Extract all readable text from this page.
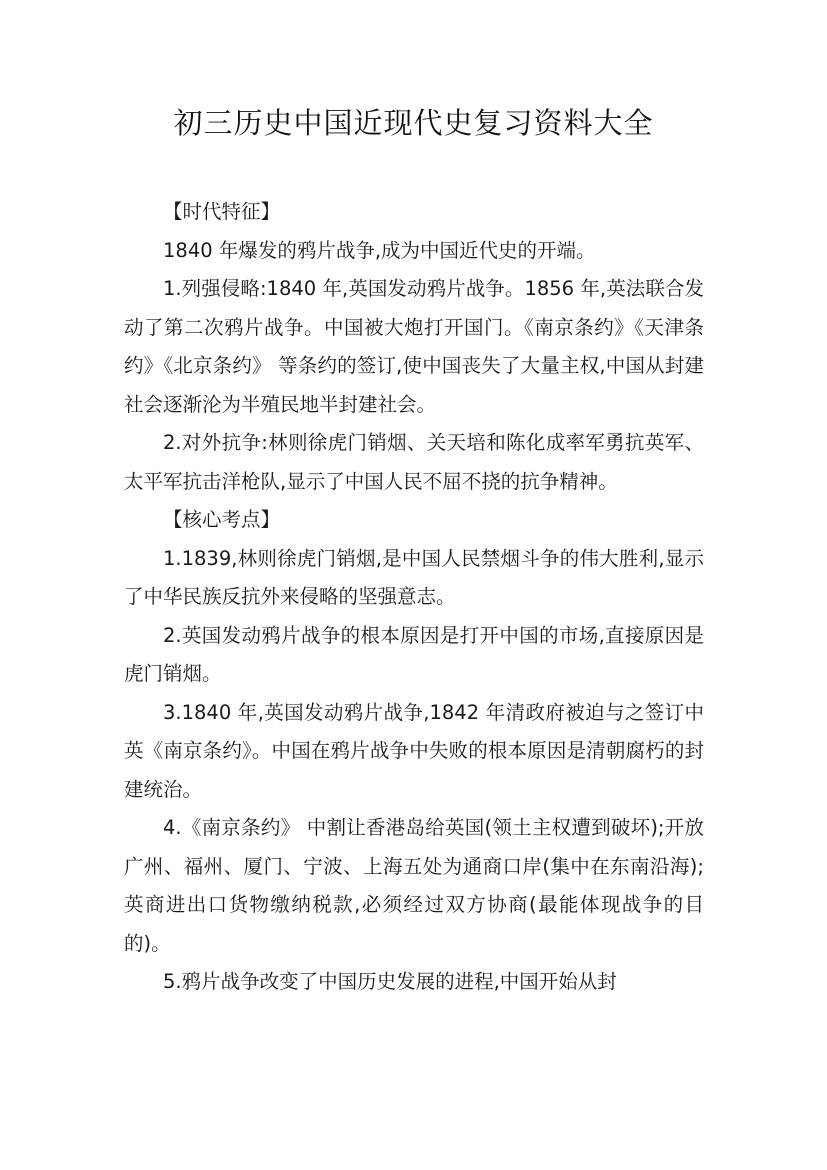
初三历史中国近现代史复习资料大全

【时代特征】

1840 年爆发的鸦片战争,成为中国近代史的开端。

1.列强侵略:1840 年,英国发动鸦片战争。1856 年,英法联合发动了第二次鸦片战争。中国被大炮打开国门。《南京条约》《天津条约》《北京条约》 等条约的签订,使中国丧失了大量主权,中国从封建社会逐渐沦为半殖民地半封建社会。

2.对外抗争:林则徐虎门销烟、关天培和陈化成率军勇抗英军、太平军抗击洋枪队,显示了中国人民不屈不挠的抗争精神。

【核心考点】

1.1839,林则徐虎门销烟,是中国人民禁烟斗争的伟大胜利,显示了中华民族反抗外来侵略的坚强意志。

2.英国发动鸦片战争的根本原因是打开中国的市场,直接原因是虎门销烟。

3.1840 年,英国发动鸦片战争,1842 年清政府被迫与之签订中英《南京条约》。中国在鸦片战争中失败的根本原因是清朝腐朽的封建统治。

4.《南京条约》 中割让香港岛给英国(领土主权遭到破坏);开放广州、福州、厦门、宁波、上海五处为通商口岸(集中在东南沿海);英商进出口货物缴纳税款,必须经过双方协商(最能体现战争的目的)。

5.鸦片战争改变了中国历史发展的进程,中国开始从封
